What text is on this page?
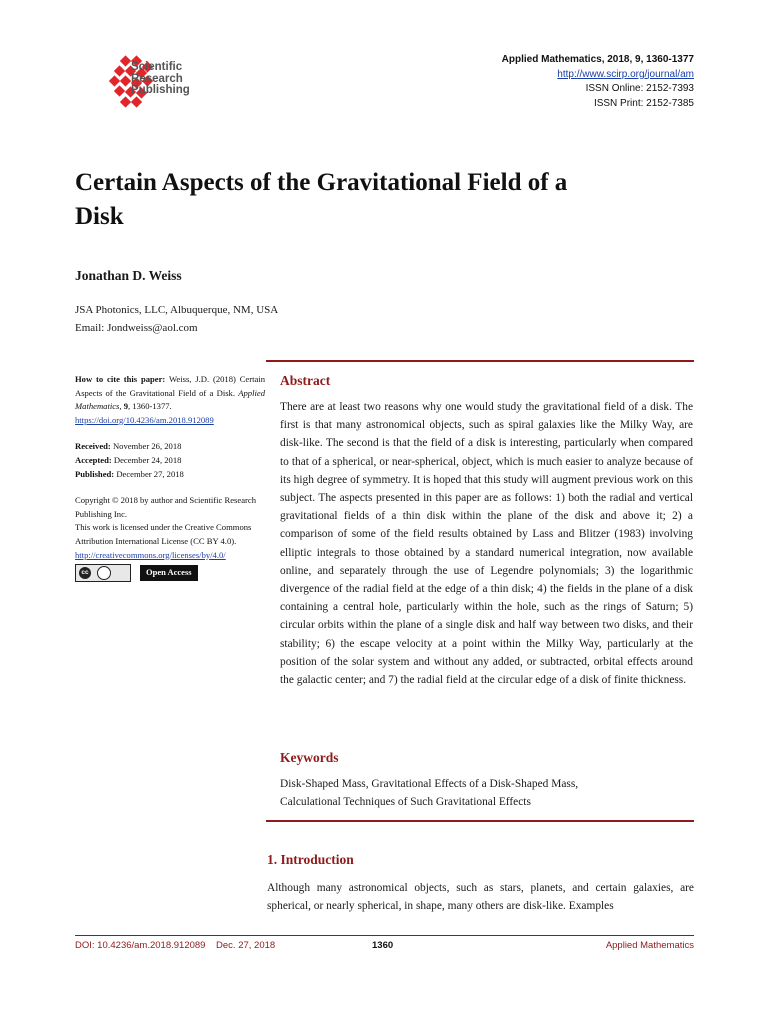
Scientific
Research
Publishing
Applied Mathematics, 2018, 9, 1360-1377
http://www.scirp.org/journal/am
ISSN Online: 2152-7393
ISSN Print: 2152-7385
Certain Aspects of the Gravitational Field of a Disk
Jonathan D. Weiss
JSA Photonics, LLC, Albuquerque, NM, USA
Email: Jondweiss@aol.com
How to cite this paper: Weiss, J.D. (2018) Certain Aspects of the Gravitational Field of a Disk. Applied Mathematics, 9, 1360-1377.
https://doi.org/10.4236/am.2018.912089
Received: November 26, 2018
Accepted: December 24, 2018
Published: December 27, 2018
Copyright © 2018 by author and Scientific Research Publishing Inc.
This work is licensed under the Creative Commons Attribution International License (CC BY 4.0).
http://creativecommons.org/licenses/by/4.0/
cc	Open Access
Abstract
There are at least two reasons why one would study the gravitational field of a disk. The first is that many astronomical objects, such as spiral galaxies like the Milky Way, are disk-like. The second is that the field of a disk is interesting, particularly when compared to that of a spherical, or near-spherical, object, which is much easier to analyze because of its high degree of symmetry. It is hoped that this study will augment previous work on this subject. The aspects presented in this paper are as follows: 1) both the radial and vertical gravitational fields of a thin disk within the plane of the disk and above it; 2) a comparison of some of the field results obtained by Lass and Blitzer (1983) involving elliptic integrals to those obtained by a standard numerical integration, now available online, and separately through the use of Legendre polynomials; 3) the logarithmic divergence of the radial field at the edge of a thin disk; 4) the fields in the plane of a disk containing a central hole, particularly within the hole, such as the rings of Saturn; 5) circular orbits within the plane of a single disk and half way between two disks, and their stability; 6) the escape velocity at a point within the Milky Way, particularly at the position of the solar system and without any added, or subtracted, orbital effects around the galactic center; and 7) the radial field at the circular edge of a disk of finite thickness.
Keywords
Disk-Shaped Mass, Gravitational Effects of a Disk-Shaped Mass,
Calculational Techniques of Such Gravitational Effects
1. Introduction
Although many astronomical objects, such as stars, planets, and certain galaxies, are spherical, or nearly spherical, in shape, many others are disk-like. Examples
DOI: 10.4236/am.2018.912089 Dec. 27, 2018	1360	Applied Mathematics
